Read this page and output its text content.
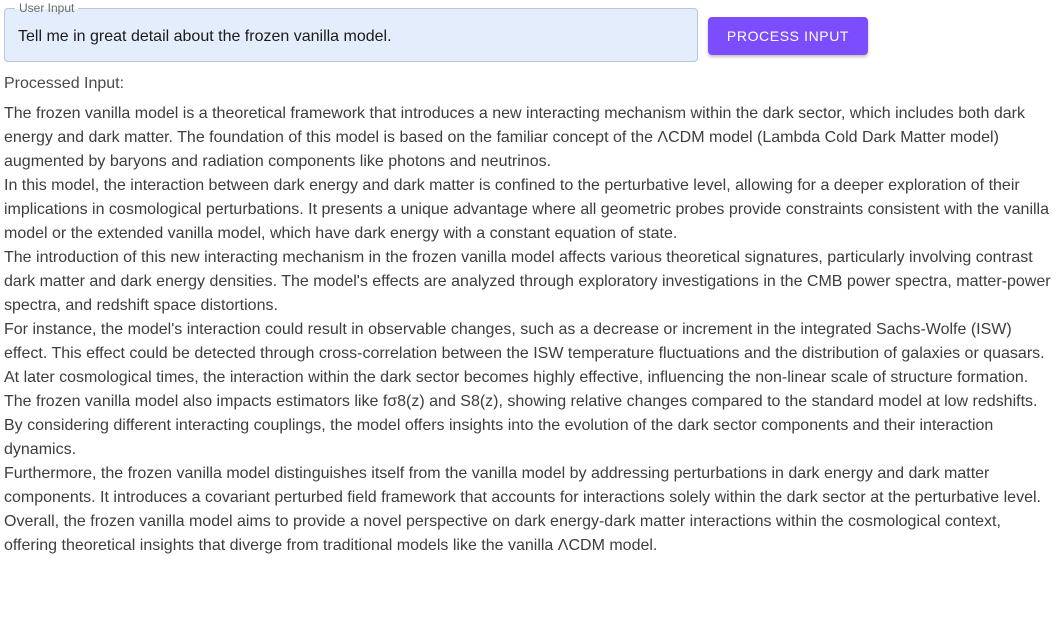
User Input
Tell me in great detail about the frozen vanilla model.	PROCESS INPUT
Processed Input:

The frozen vanilla model is a theoretical framework that introduces a new interacting mechanism within the dark sector, which includes both dark energy and dark matter. The foundation of this model is based on the familiar concept of the ΛCDM model (Lambda Cold Dark Matter model) augmented by baryons and radiation components like photons and neutrinos.

In this model, the interaction between dark energy and dark matter is confined to the perturbative level, allowing for a deeper exploration of their implications in cosmological perturbations. It presents a unique advantage where all geometric probes provide constraints consistent with the vanilla model or the extended vanilla model, which have dark energy with a constant equation of state.

The introduction of this new interacting mechanism in the frozen vanilla model affects various theoretical signatures, particularly involving contrast dark matter and dark energy densities. The model's effects are analyzed through exploratory investigations in the CMB power spectra, matter-power spectra, and redshift space distortions.

For instance, the model's interaction could result in observable changes, such as a decrease or increment in the integrated Sachs-Wolfe (ISW) effect. This effect could be detected through cross-correlation between the ISW temperature fluctuations and the distribution of galaxies or quasars. At later cosmological times, the interaction within the dark sector becomes highly effective, influencing the non-linear scale of structure formation.

The frozen vanilla model also impacts estimators like fσ8(z) and S8(z), showing relative changes compared to the standard model at low redshifts. By considering different interacting couplings, the model offers insights into the evolution of the dark sector components and their interaction dynamics.

Furthermore, the frozen vanilla model distinguishes itself from the vanilla model by addressing perturbations in dark energy and dark matter components. It introduces a covariant perturbed field framework that accounts for interactions solely within the dark sector at the perturbative level.

Overall, the frozen vanilla model aims to provide a novel perspective on dark energy-dark matter interactions within the cosmological context, offering theoretical insights that diverge from traditional models like the vanilla ΛCDM model.
